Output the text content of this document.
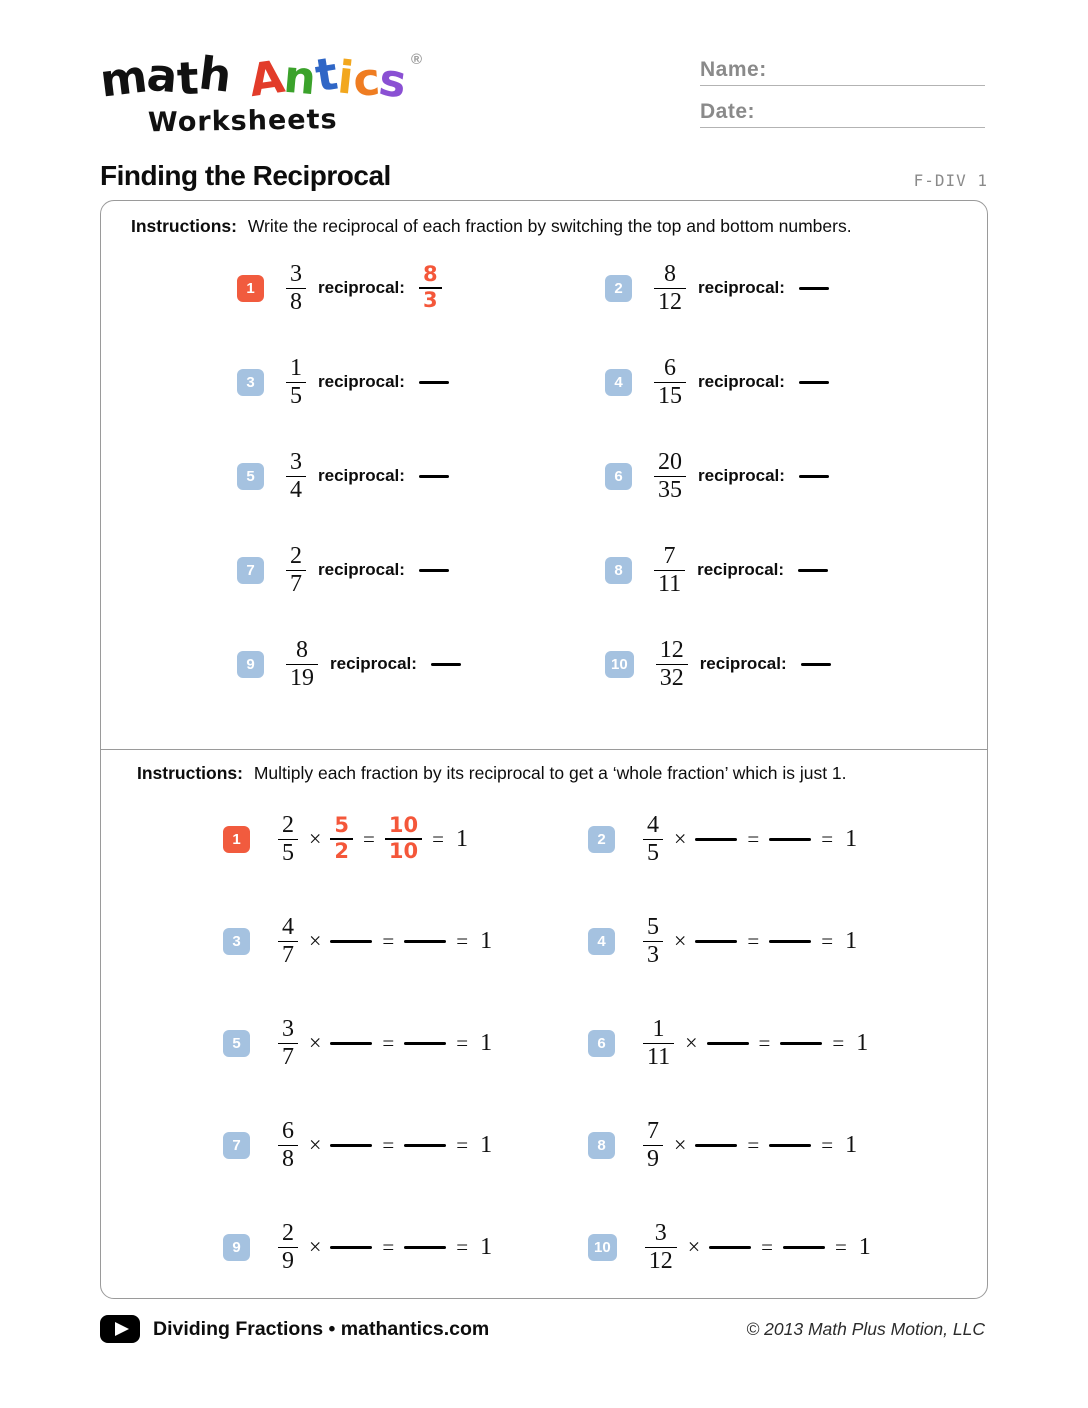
math Antics ®
Worksheets
Name:
Date:
Finding the Reciprocal	F-DIV 1

Instructions: Write the reciprocal of each fraction by switching the top and bottom numbers.

1	$\frac{3}{8}$ reciprocal: $\frac{8}{3}$	2	$\frac{8}{12}$ reciprocal:
3	$\frac{1}{5}$ reciprocal:	4	$\frac{6}{15}$ reciprocal:
5	$\frac{3}{4}$ reciprocal:	6	$\frac{20}{35}$ reciprocal:
7	$\frac{2}{7}$ reciprocal:	8	$\frac{7}{11}$ reciprocal:
9	$\frac{8}{19}$ reciprocal:	$10 \frac{12}{32}$ reciprocal:

Instructions: Multiply each fraction by its reciprocal to get a ‘whole fraction’ which is just 1.

1	$\frac{2}{5} \times \frac{5}{2} = \frac{10}{10} = 1$	2	$\frac{4}{5}$ ×	=	= 1
3	$\frac{4}{7}$ ×	=	= 1	4	$\frac{5}{3}$ ×	=	= 1
5	$\frac{3}{7}$ ×	=	= 1	6	$\frac{1}{11}$ ×	=	= 1
7	$\frac{6}{8}$ ×	=	= 1	8	$\frac{7}{9}$ ×	=	= 1
9	$\frac{2}{9}$ ×	=	= 1	$10 \frac{3}{12}$ ×	=	= 1
Dividing Fractions • mathantics.com	© 2013 Math Plus Motion, LLC
